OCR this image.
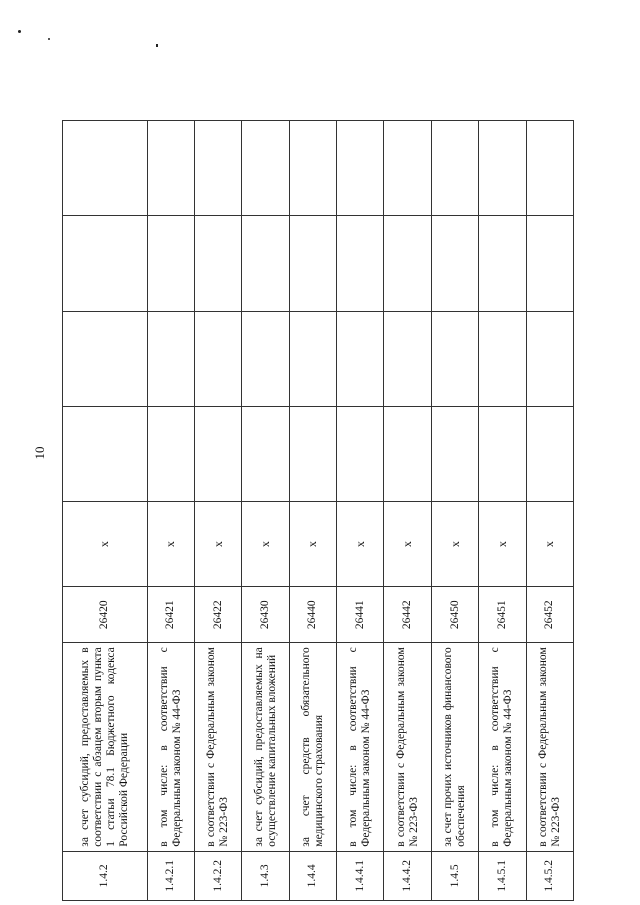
10
1.4.2	за счет субсидий, предоставляемых в соответствии с абзацем вторым пункта 1 статьи 78.1 Бюджетного кодекса Российской Федерации	26420	x				
1.4.2.1	в том числе: в соответствии с Федеральным законом № 44-ФЗ	26421	x				
1.4.2.2	в соответствии с Федеральным законом № 223-ФЗ	26422	x				
1.4.3	за счет субсидий, предоставляемых на осуществление капитальных вложений	26430	x				
1.4.4	за счет средств обязательного медицинского страхования	26440	x				
1.4.4.1	в том числе: в соответствии с Федеральным законом № 44-ФЗ	26441	x				
1.4.4.2	в соответствии с Федеральным законом № 223-ФЗ	26442	x				
1.4.5	за счет прочих источников финансового обеспечения	26450	x				
1.4.5.1	в том числе: в соответствии с Федеральным законом № 44-ФЗ	26451	x				
1.4.5.2	в соответствии с Федеральным законом № 223-ФЗ	26452	x				
